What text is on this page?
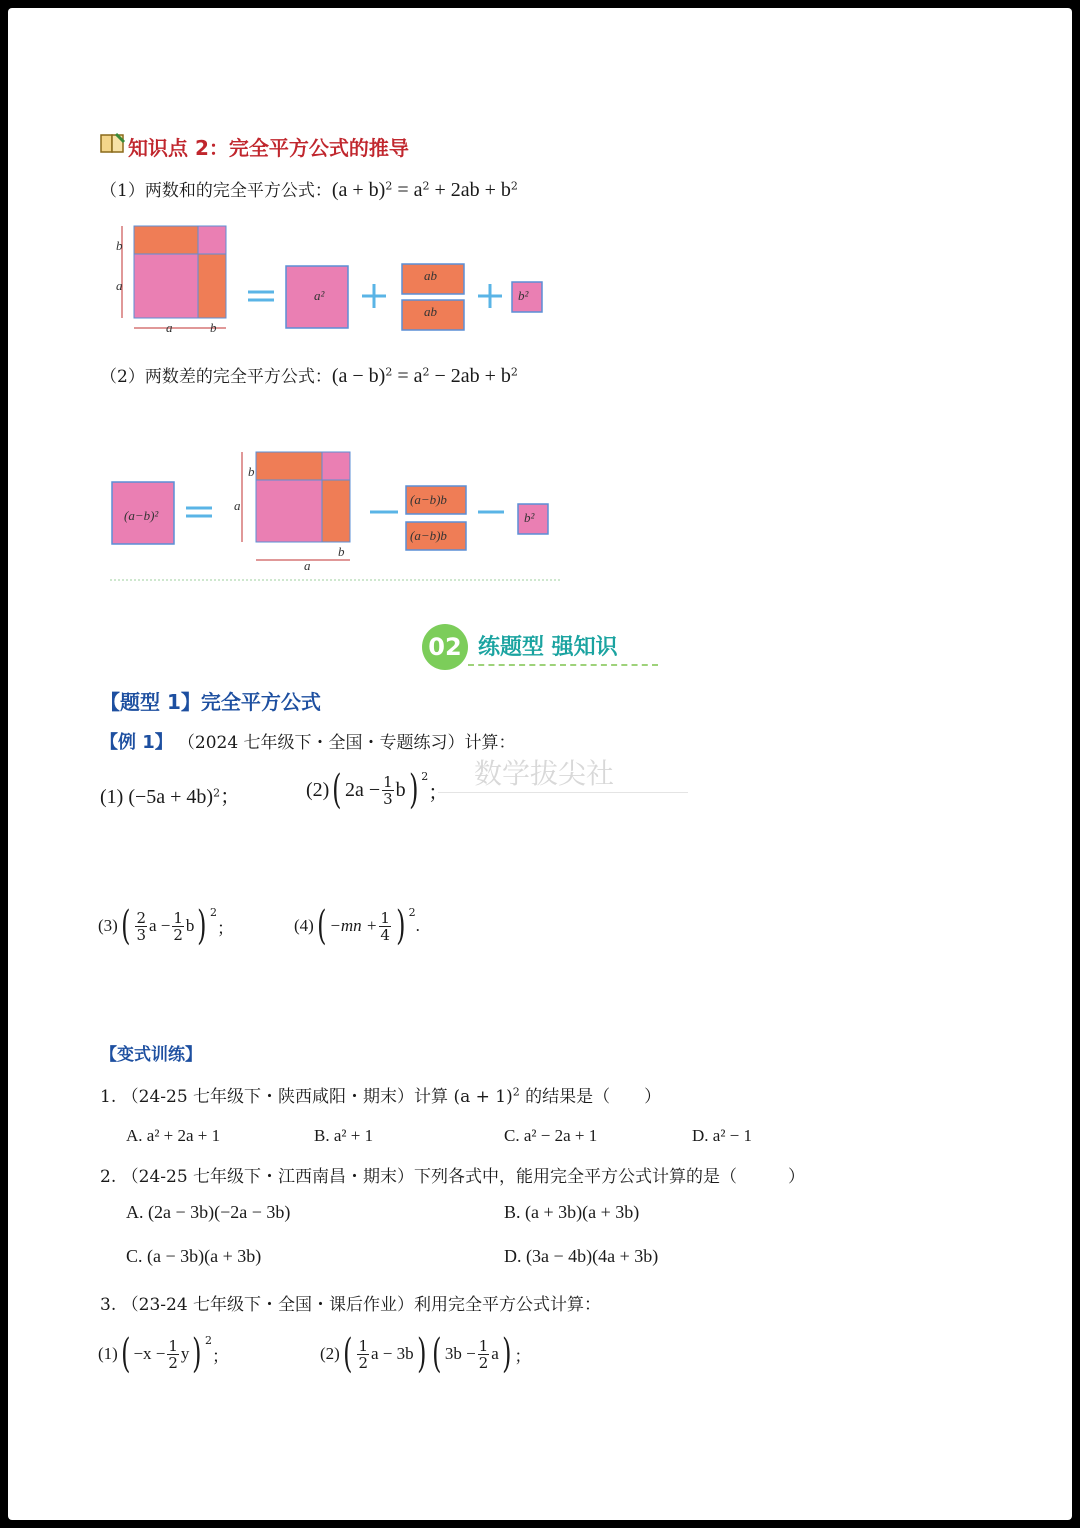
知识点 2：完全平方公式的推导
（1）两数和的完全平方公式：$(a + b)^2 = a^2 + 2ab + b^2$
b
a
a	b
a²
ab
ab
b²
（2）两数差的完全平方公式：$(a - b)^2 = a^2 - 2ab + b^2$
(a−b)²
b
a
a
b
(a−b)b
(a−b)b
b²
02 练题型 强知识
【题型 1】完全平方公式
【例 1】 （2024 七年级下・全国・专题练习）计算：
数学拔尖社
(1) $(-5a + 4b)^2$；	(2) ( $2a - \frac{1}{3}$ b ) $^2$
；
(3) ( $\frac{2}{3}$ $a - \frac{1}{2}$ b ) $^2$
；	(4) ( $-mn + \frac{1}{4}$ ) $^2$
.
【变式训练】
1. （24-25 七年级下・陕西咸阳・期末）计算 $(a + 1)^2$ 的结果是（　　）
A. a² + 2a + 1	B. a² + 1	C. a² − 2a + 1	D. a² − 1
2. （24-25 七年级下・江西南昌・期末）下列各式中，能用完全平方公式计算的是（　　　）
A. (2a − 3b)(−2a − 3b)	B. (a + 3b)(a + 3b)
C. (a − 3b)(a + 3b)	D. (3a − 4b)(4a + 3b)
3. （23-24 七年级下・全国・课后作业）利用完全平方公式计算：
(1) ( $-x - \frac{1}{2}$ y ) $^2$
；	(2) ( $\frac{1}{2}$ a − 3b ) ( $3b - \frac{1}{2}$ a ) ；
